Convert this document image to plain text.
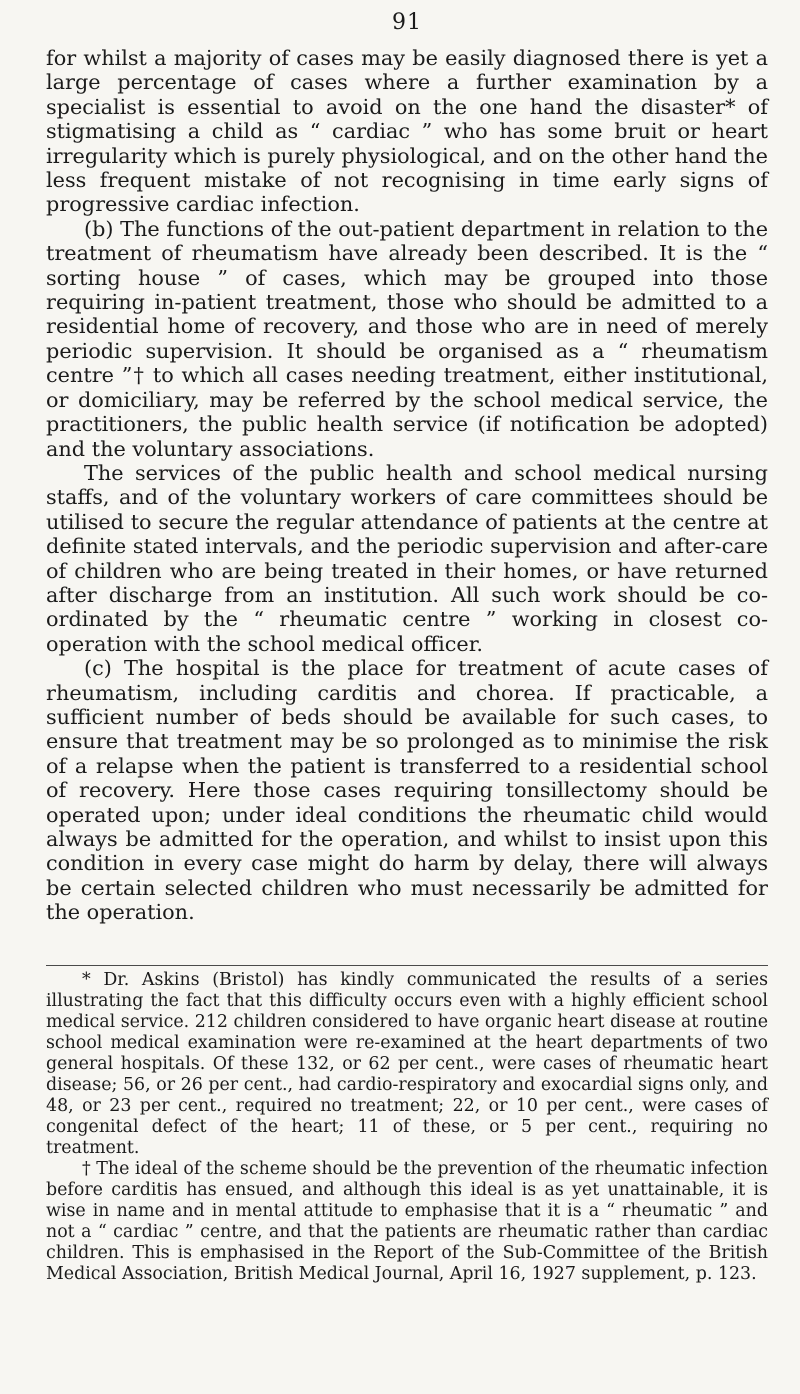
91

for whilst a majority of cases may be easily diagnosed there is yet a large percentage of cases where a further examination by a specialist is essential to avoid on the one hand the disaster* of stigmatising a child as “ cardiac ” who has some bruit or heart irregularity which is purely physiological, and on the other hand the less frequent mistake of not recognising in time early signs of progressive cardiac infection.

(b) The functions of the out-patient department in relation to the treatment of rheumatism have already been described. It is the “ sorting house ” of cases, which may be grouped into those requiring in-patient treatment, those who should be admitted to a residential home of recovery, and those who are in need of merely periodic supervision. It should be organised as a “ rheumatism centre ”† to which all cases needing treatment, either institutional, or domiciliary, may be referred by the school medical service, the practitioners, the public health service (if notification be adopted) and the voluntary associations.

The services of the public health and school medical nursing staffs, and of the voluntary workers of care committees should be utilised to secure the regular attendance of patients at the centre at definite stated intervals, and the periodic supervision and after-care of children who are being treated in their homes, or have returned after discharge from an institution. All such work should be co-ordinated by the “ rheumatic centre ” working in closest co-operation with the school medical officer.

(c) The hospital is the place for treatment of acute cases of rheumatism, including carditis and chorea. If practicable, a sufficient number of beds should be available for such cases, to ensure that treatment may be so prolonged as to minimise the risk of a relapse when the patient is transferred to a residential school of recovery. Here those cases requiring tonsillectomy should be operated upon; under ideal conditions the rheumatic child would always be admitted for the operation, and whilst to insist upon this condition in every case might do harm by delay, there will always be certain selected children who must necessarily be admitted for the operation.

* Dr. Askins (Bristol) has kindly communicated the results of a series illustrating the fact that this difficulty occurs even with a highly efficient school medical service. 212 children considered to have organic heart disease at routine school medical examination were re-examined at the heart departments of two general hospitals. Of these 132, or 62 per cent., were cases of rheumatic heart disease; 56, or 26 per cent., had cardio-respiratory and exocardial signs only, and 48, or 23 per cent., required no treatment; 22, or 10 per cent., were cases of congenital defect of the heart; 11 of these, or 5 per cent., requiring no treatment.

† The ideal of the scheme should be the prevention of the rheumatic infection before carditis has ensued, and although this ideal is as yet unattainable, it is wise in name and in mental attitude to emphasise that it is a “ rheumatic ” and not a “ cardiac ” centre, and that the patients are rheumatic rather than cardiac children. This is emphasised in the Report of the Sub-Committee of the British Medical Association, British Medical Journal, April 16, 1927 supplement, p. 123.
